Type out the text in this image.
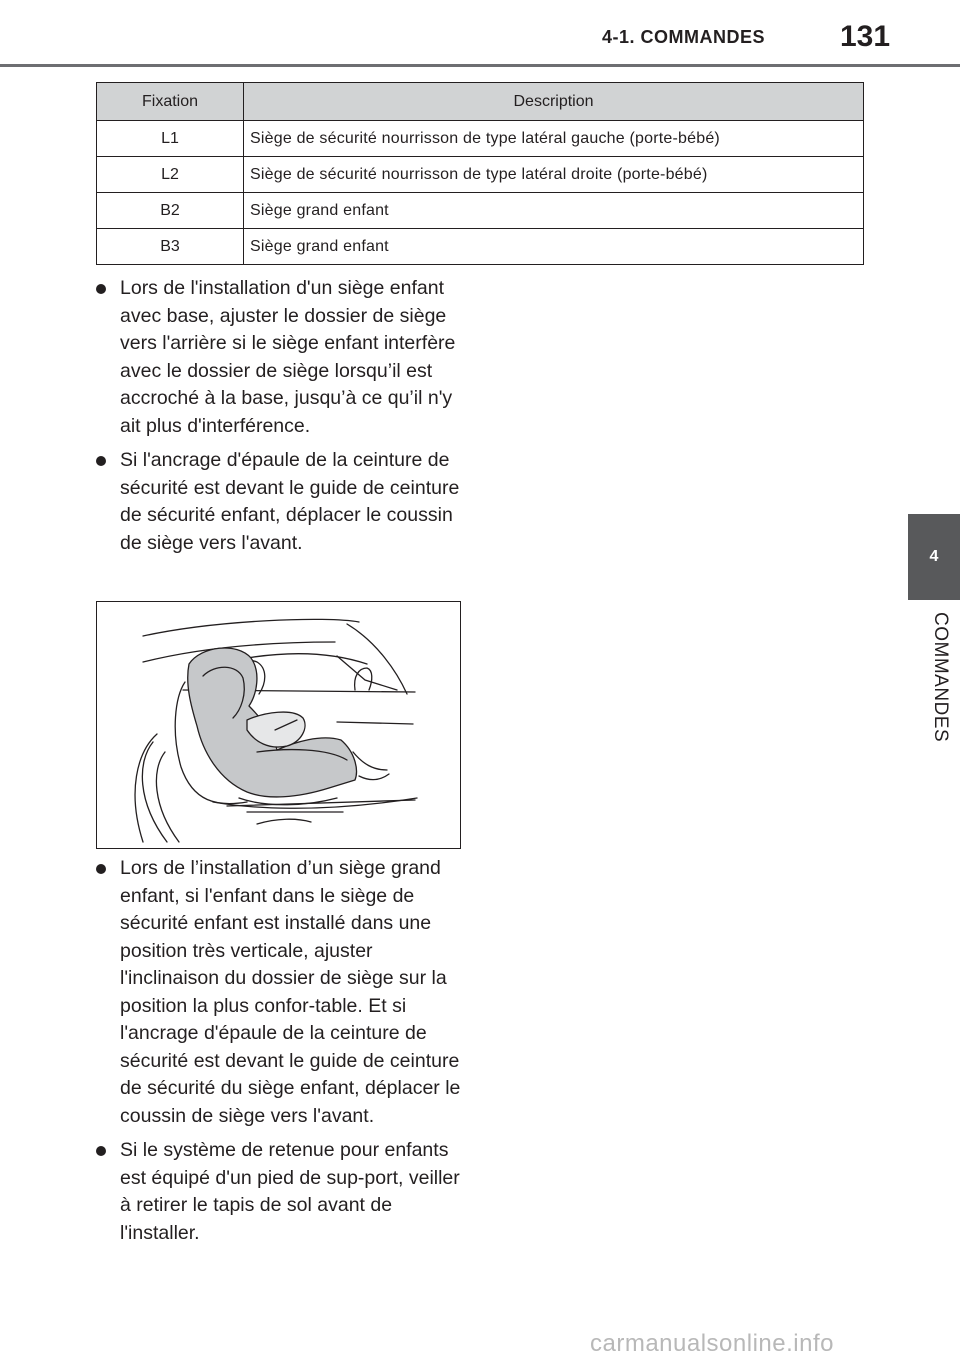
4-1. COMMANDES 131
4
COMMANDES
Fixation	Description
L1	Siège de sécurité nourrisson de type latéral gauche (porte-bébé)
L2	Siège de sécurité nourrisson de type latéral droite (porte-bébé)
B2	Siège grand enfant
B3	Siège grand enfant
Lors de l'installation d'un siège enfant avec base, ajuster le dossier de siège vers l'arrière si le siège enfant interfère avec le dossier de siège lorsqu’il est accroché à la base, jusqu’à ce qu’il n'y ait plus d'interférence.
Si l'ancrage d'épaule de la ceinture de sécurité est devant le guide de ceinture de sécurité enfant, déplacer le coussin de siège vers l'avant.
Lors de l’installation d’un siège grand enfant, si l'enfant dans le siège de sécurité enfant est installé dans une position très verticale, ajuster l'inclinaison du dossier de siège sur la position la plus confor-table. Et si l'ancrage d'épaule de la ceinture de sécurité est devant le guide de ceinture de sécurité du siège enfant, déplacer le coussin de siège vers l'avant.
Si le système de retenue pour enfants est équipé d'un pied de sup-port, veiller à retirer le tapis de sol avant de l'installer.
carmanualsonline.info
